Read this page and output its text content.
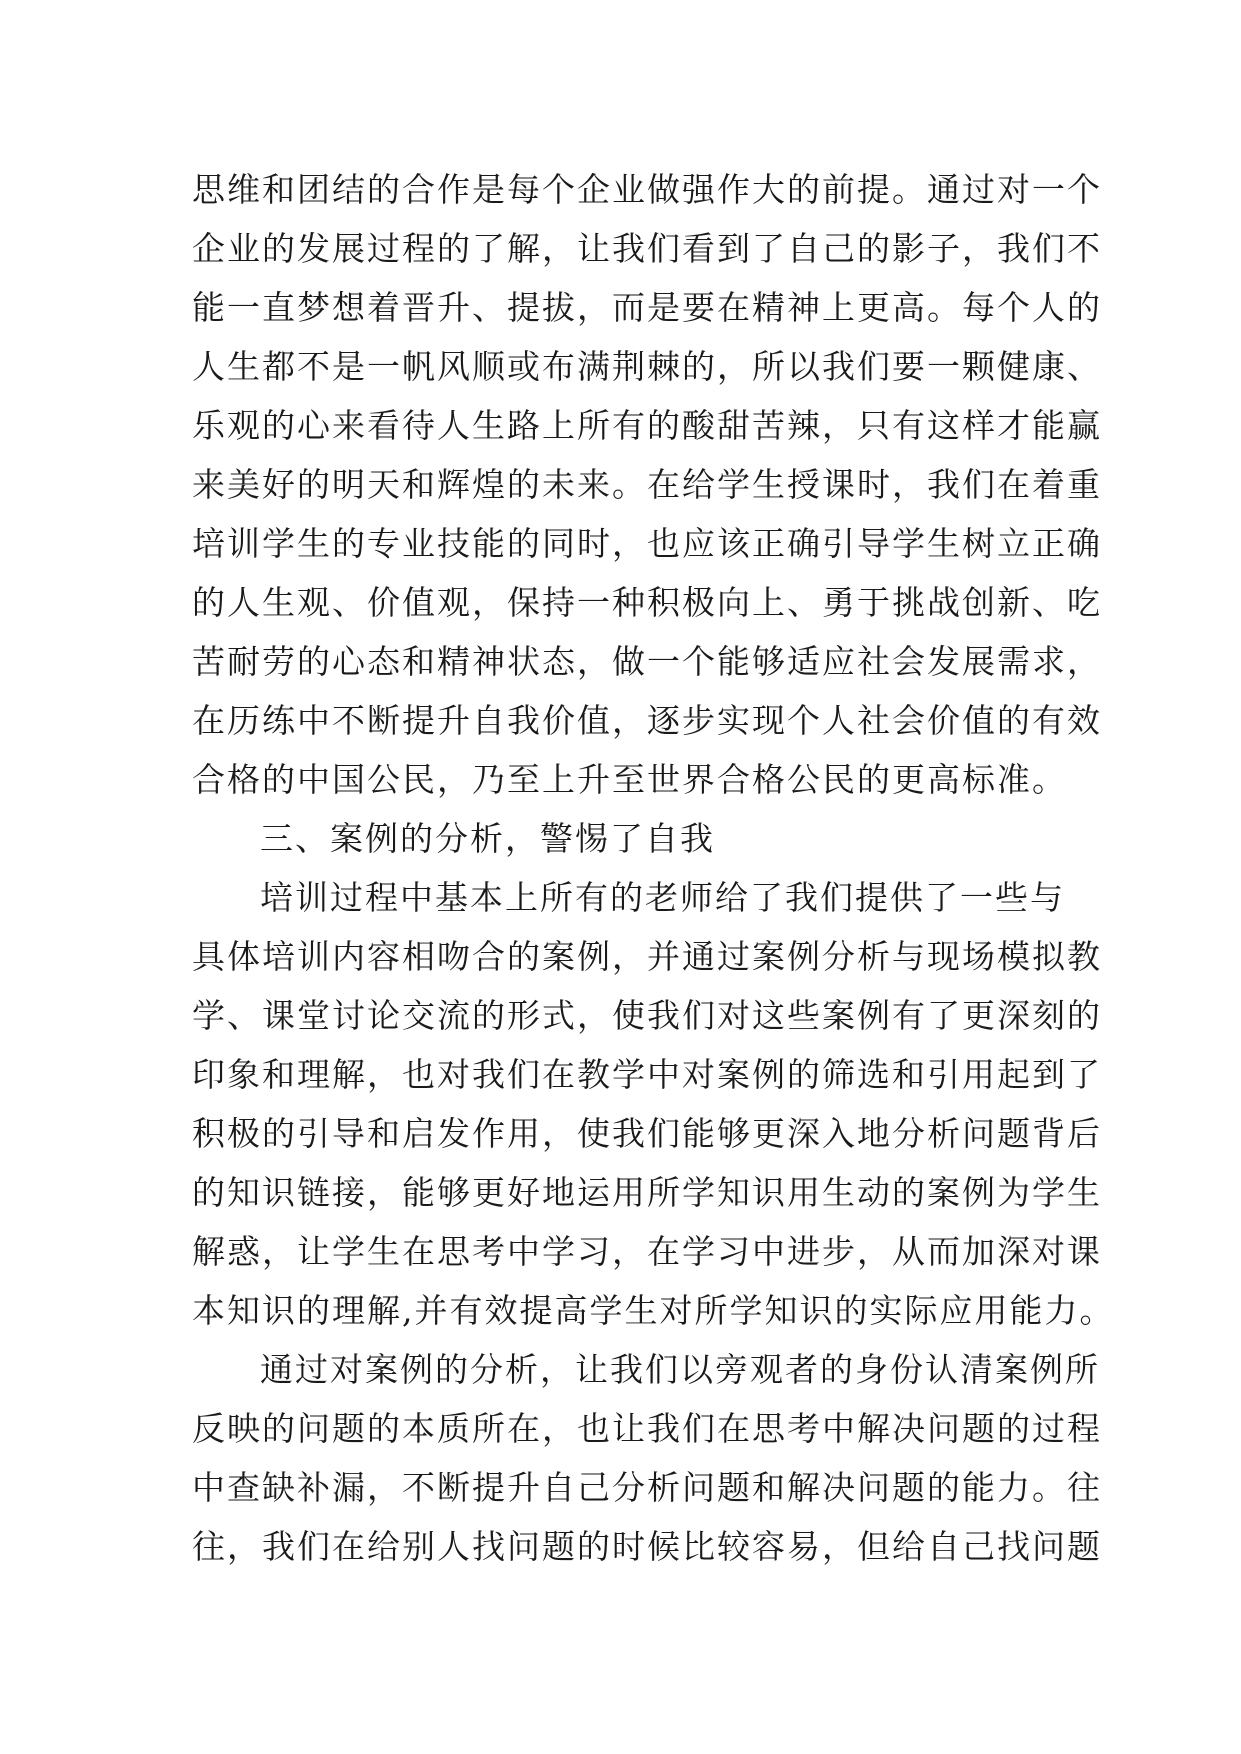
思维和团结的合作是每个企业做强作大的前提。通过对一个
企业的发展过程的了解，让我们看到了自己的影子，我们不
能一直梦想着晋升、提拔，而是要在精神上更高。每个人的
人生都不是一帆风顺或布满荆棘的，所以我们要一颗健康、
乐观的心来看待人生路上所有的酸甜苦辣，只有这样才能赢
来美好的明天和辉煌的未来。在给学生授课时，我们在着重
培训学生的专业技能的同时，也应该正确引导学生树立正确
的人生观、价值观，保持一种积极向上、勇于挑战创新、吃
苦耐劳的心态和精神状态，做一个能够适应社会发展需求，
在历练中不断提升自我价值，逐步实现个人社会价值的有效
合格的中国公民，乃至上升至世界合格公民的更高标准。
三、案例的分析，警惕了自我
培训过程中基本上所有的老师给了我们提供了一些与
具体培训内容相吻合的案例，并通过案例分析与现场模拟教
学、课堂讨论交流的形式，使我们对这些案例有了更深刻的
印象和理解，也对我们在教学中对案例的筛选和引用起到了
积极的引导和启发作用，使我们能够更深入地分析问题背后
的知识链接，能够更好地运用所学知识用生动的案例为学生
解惑，让学生在思考中学习，在学习中进步，从而加深对课
本知识的理解,并有效提高学生对所学知识的实际应用能力。
通过对案例的分析，让我们以旁观者的身份认清案例所
反映的问题的本质所在，也让我们在思考中解决问题的过程
中查缺补漏，不断提升自己分析问题和解决问题的能力。往
往，我们在给别人找问题的时候比较容易，但给自己找问题
